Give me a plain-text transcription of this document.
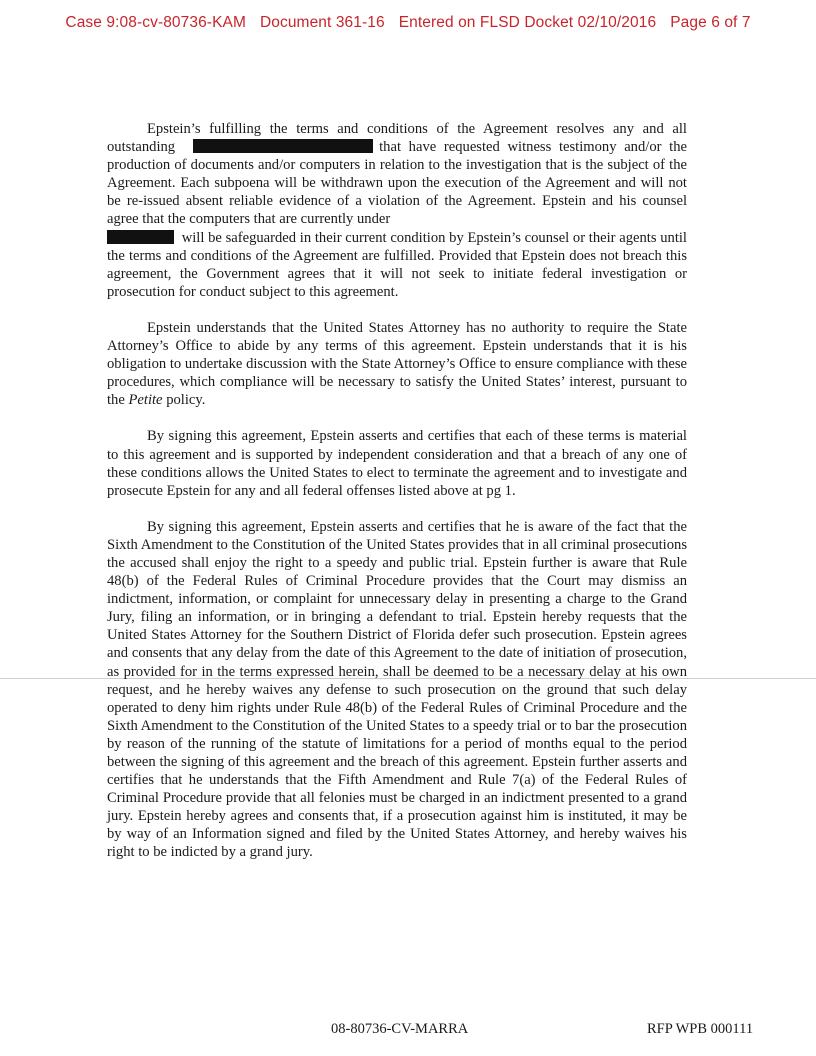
Case 9:08-cv-80736-KAM Document 361-16 Entered on FLSD Docket 02/10/2016 Page 6 of 7

Epstein’s fulfilling the terms and conditions of the Agreement resolves any and all outstanding	that have requested witness testimony and/or the production of documents and/or computers in relation to the investigation that is the subject of the Agreement. Each subpoena will be withdrawn upon the execution of the Agreement and will not be re-issued absent reliable evidence of a violation of the Agreement. Epstein and his counsel agree that the computers that are currently under
will be safeguarded in their current condition by Epstein’s counsel or their agents until the terms and conditions of the Agreement are fulfilled. Provided that Epstein does not breach this agreement, the Government agrees that it will not seek to initiate federal investigation or prosecution for conduct subject to this agreement.

Epstein understands that the United States Attorney has no authority to require the State Attorney’s Office to abide by any terms of this agreement. Epstein understands that it is his obligation to undertake discussion with the State Attorney’s Office to ensure compliance with these procedures, which compliance will be necessary to satisfy the United States’ interest, pursuant to the Petite policy.

By signing this agreement, Epstein asserts and certifies that each of these terms is material to this agreement and is supported by independent consideration and that a breach of any one of these conditions allows the United States to elect to terminate the agreement and to investigate and prosecute Epstein for any and all federal offenses listed above at pg 1.

By signing this agreement, Epstein asserts and certifies that he is aware of the fact that the Sixth Amendment to the Constitution of the United States provides that in all criminal prosecutions the accused shall enjoy the right to a speedy and public trial. Epstein further is aware that Rule 48(b) of the Federal Rules of Criminal Procedure provides that the Court may dismiss an indictment, information, or complaint for unnecessary delay in presenting a charge to the Grand Jury, filing an information, or in bringing a defendant to trial. Epstein hereby requests that the United States Attorney for the Southern District of Florida defer such prosecution. Epstein agrees and consents that any delay from the date of this Agreement to the date of initiation of prosecution, as provided for in the terms expressed herein, shall be deemed to be a necessary delay at his own request, and he hereby waives any defense to such prosecution on the ground that such delay operated to deny him rights under Rule 48(b) of the Federal Rules of Criminal Procedure and the Sixth Amendment to the Constitution of the United States to a speedy trial or to bar the prosecution by reason of the running of the statute of limitations for a period of months equal to the period between the signing of this agreement and the breach of this agreement. Epstein further asserts and certifies that he understands that the Fifth Amendment and Rule 7(a) of the Federal Rules of Criminal Procedure provide that all felonies must be charged in an indictment presented to a grand jury. Epstein hereby agrees and consents that, if a prosecution against him is instituted, it may be by way of an Information signed and filed by the United States Attorney, and hereby waives his right to be indicted by a grand jury.

08-80736-CV-MARRA	RFP WPB 000111
